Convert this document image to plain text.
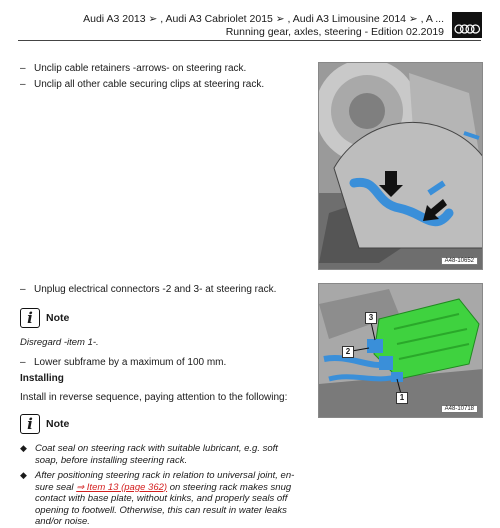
Audi A3 2013 ➢ , Audi A3 Cabriolet 2015 ➢ , Audi A3 Limousine 2014 ➢ , A ...
Running gear, axles, steering - Edition 02.2019
– Unclip cable retainers -arrows- on steering rack.
– Unclip all other cable securing clips at steering rack.
A48-10652
– Unplug electrical connectors -2 and 3- at steering rack.
3
2
1
A48-10718
i Note
Disregard -item 1-.
– Lower subframe by a maximum of 100 mm.
Installing
Install in reverse sequence, paying attention to the following:
i Note
◆ Coat seal on steering rack with suitable lubricant, e.g. soft
soap, before installing steering rack.
◆ After positioning steering rack in relation to universal joint, en-
sure seal ⇒ Item 13 (page 362) on steering rack makes snug
contact with base plate, without kinks, and properly seals off
opening to footwell. Otherwise, this can result in water leaks
and/or noise.
